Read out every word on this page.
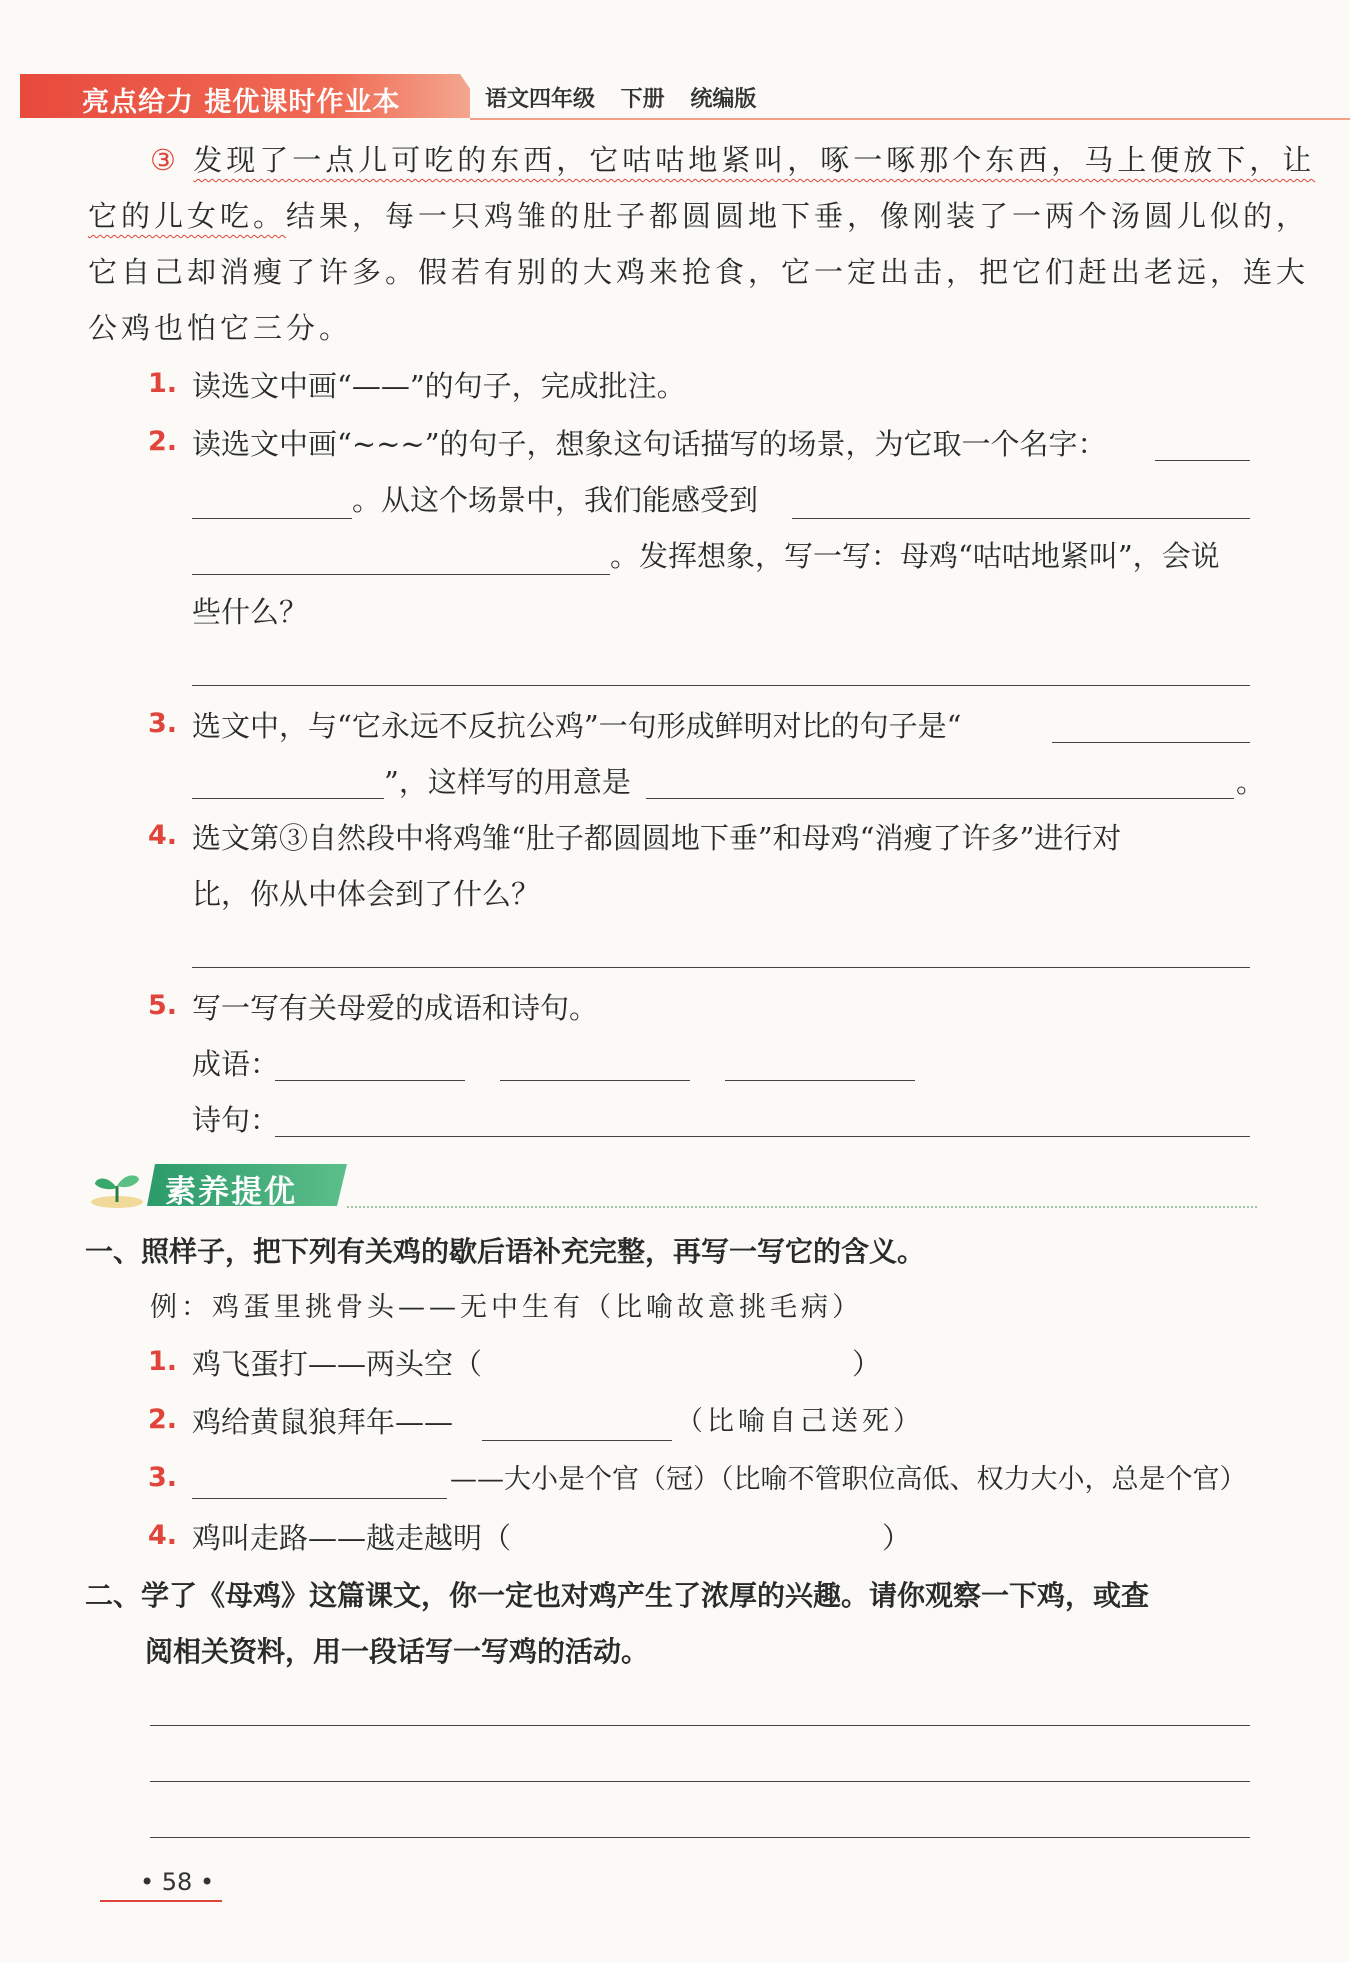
亮点给力 提优课时作业本	语文四年级 下册 统编版
③ 发现了一点儿可吃的东西，它咕咕地紧叫，啄一啄那个东西，马上便放下，让
它的儿女吃。结果，每一只鸡雏的肚子都圆圆地下垂，像刚装了一两个汤圆儿似的，
它自己却消瘦了许多。假若有别的大鸡来抢食，它一定出击，把它们赶出老远，连大
公鸡也怕它三分。
1. 读选文中画“——”的句子，完成批注。
2. 读选文中画“~~~”的句子，想象这句话描写的场景，为它取一个名字：
。从这个场景中，我们能感受到
。发挥想象，写一写：母鸡“咕咕地紧叫”，会说
些什么？
3. 选文中，与“它永远不反抗公鸡”一句形成鲜明对比的句子是“
”，这样写的用意是	。
4. 选文第③自然段中将鸡雏“肚子都圆圆地下垂”和母鸡“消瘦了许多”进行对
比，你从中体会到了什么？
5. 写一写有关母爱的成语和诗句。
成语：
诗句：
素养提优
一、照样子，把下列有关鸡的歇后语补充完整，再写一写它的含义。
例：鸡蛋里挑骨头——无中生有（比喻故意挑毛病）
1. 鸡飞蛋打——两头空（	）
2. 鸡给黄鼠狼拜年——	（比喻自己送死）
3.	——大小是个官（冠）（比喻不管职位高低、权力大小，总是个官）
4. 鸡叫走路——越走越明（	）
二、学了《母鸡》这篇课文，你一定也对鸡产生了浓厚的兴趣。请你观察一下鸡，或查
阅相关资料，用一段话写一写鸡的活动。
• 58 •
